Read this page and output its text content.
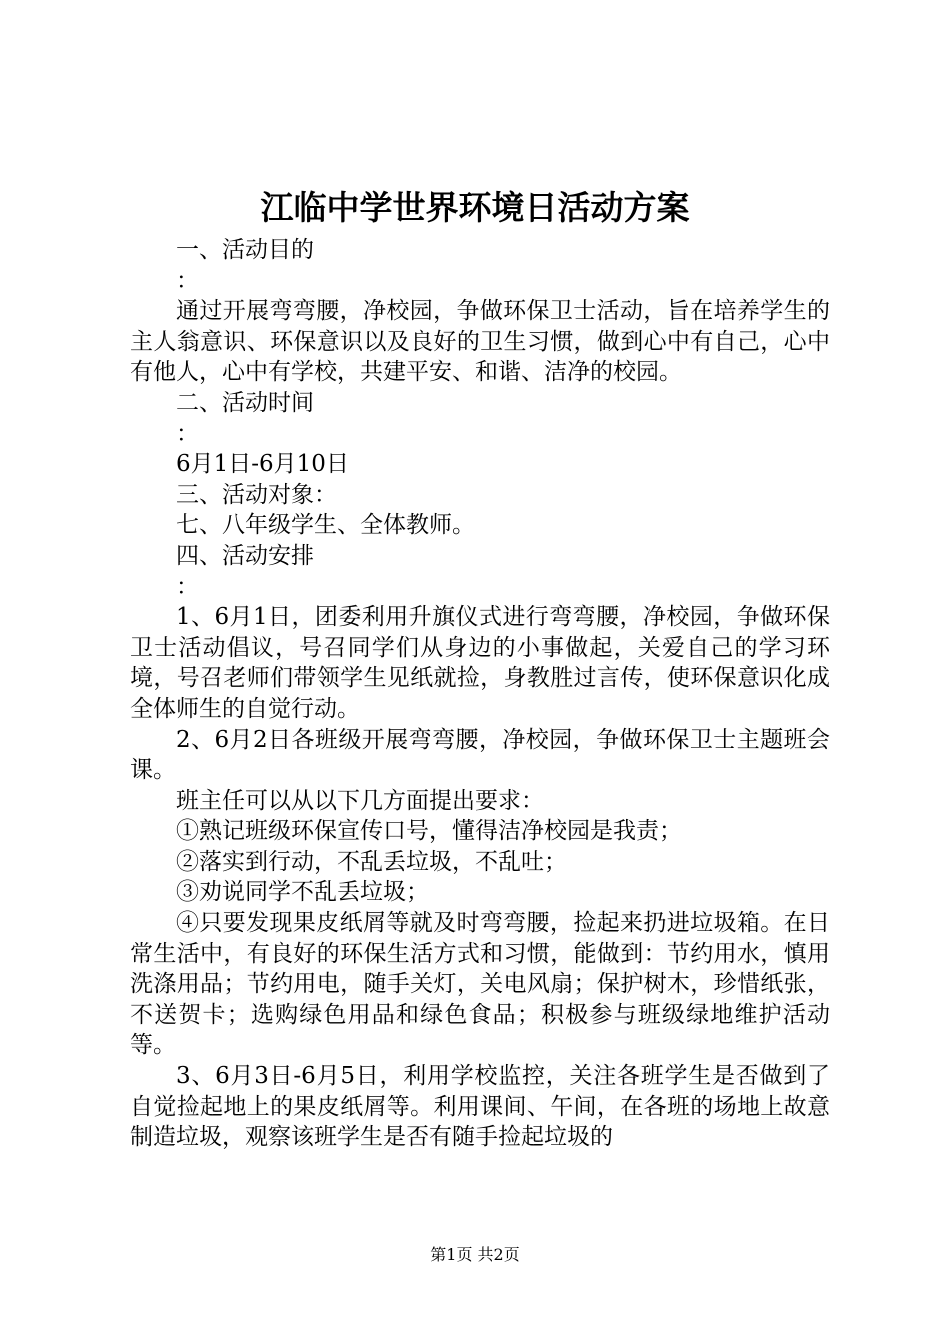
江临中学世界环境日活动方案

一、活动目的

：

通过开展弯弯腰，净校园，争做环保卫士活动，旨在培养学生的主人翁意识、环保意识以及良好的卫生习惯，做到心中有自己，心中有他人，心中有学校，共建平安、和谐、洁净的校园。

二、活动时间

：

6月1日-6月10日

三、活动对象：

七、八年级学生、全体教师。

四、活动安排

：

1、6月1日，团委利用升旗仪式进行弯弯腰，净校园，争做环保卫士活动倡议，号召同学们从身边的小事做起，关爱自己的学习环境，号召老师们带领学生见纸就捡，身教胜过言传，使环保意识化成全体师生的自觉行动。

2、6月2日各班级开展弯弯腰，净校园，争做环保卫士主题班会课。

班主任可以从以下几方面提出要求：

①熟记班级环保宣传口号，懂得洁净校园是我责；

②落实到行动，不乱丢垃圾，不乱吐；

③劝说同学不乱丢垃圾；

④只要发现果皮纸屑等就及时弯弯腰，捡起来扔进垃圾箱。在日常生活中，有良好的环保生活方式和习惯，能做到：节约用水，慎用洗涤用品；节约用电，随手关灯，关电风扇；保护树木，珍惜纸张，不送贺卡；选购绿色用品和绿色食品；积极参与班级绿地维护活动等。

3、6月3日-6月5日，利用学校监控，关注各班学生是否做到了自觉捡起地上的果皮纸屑等。利用课间、午间，在各班的场地上故意制造垃圾，观察该班学生是否有随手捡起垃圾的

第1页 共2页
